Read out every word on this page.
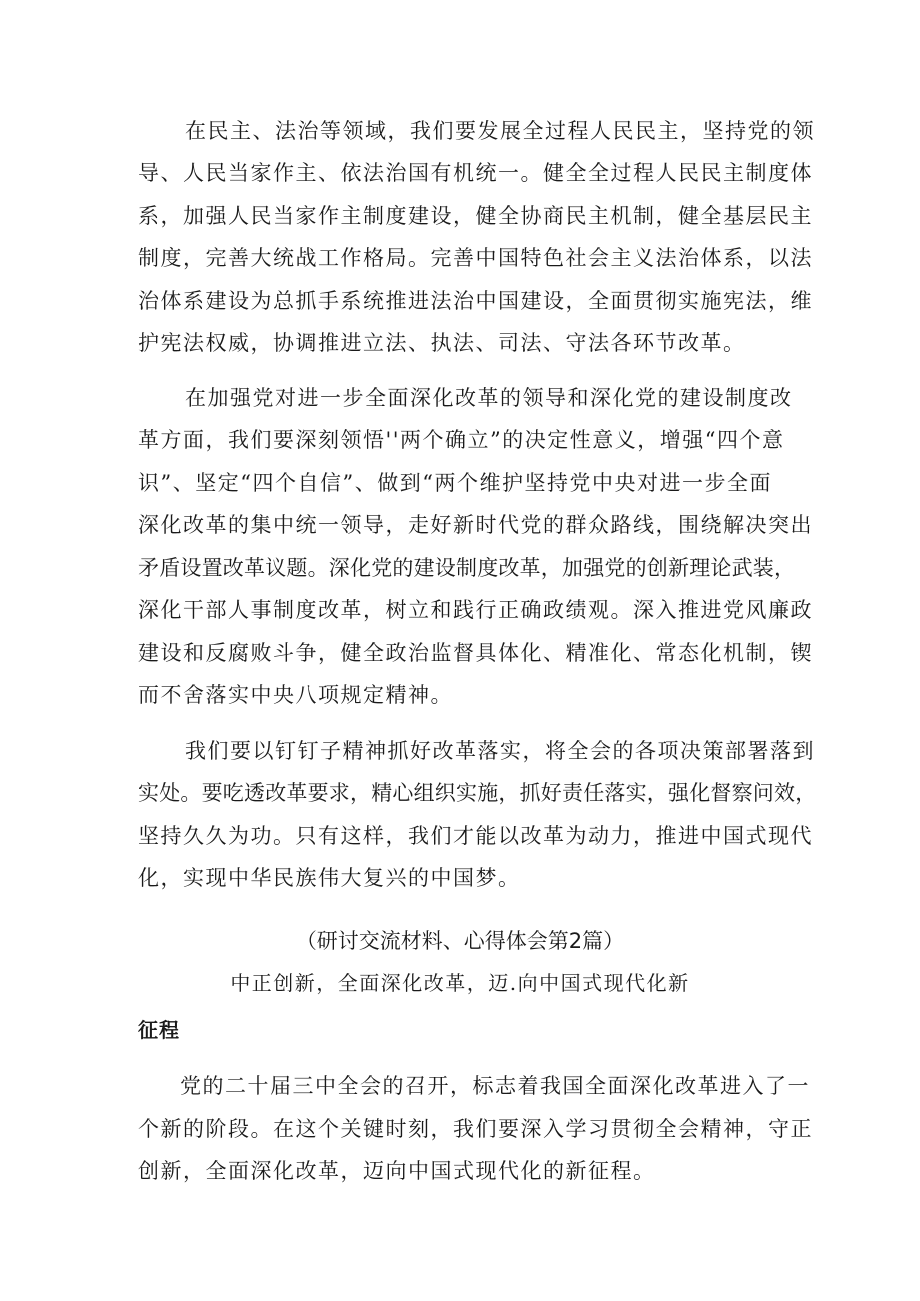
在民主、法治等领域，我们要发展全过程人民民主，坚持党的领
导、人民当家作主、依法治国有机统一。健全全过程人民民主制度体
系，加强人民当家作主制度建设，健全协商民主机制，健全基层民主
制度，完善大统战工作格局。完善中国特色社会主义法治体系，以法
治体系建设为总抓手系统推进法治中国建设，全面贯彻实施宪法，维
护宪法权威，协调推进立法、执法、司法、守法各环节改革。
在加强党对进一步全面深化改革的领导和深化党的建设制度改
革方面，我们要深刻领悟''两个确立”的决定性意义，增强“四个意
识”、坚定“四个自信”、做到“两个维护坚持党中央对进一步全面
深化改革的集中统一领导，走好新时代党的群众路线，围绕解决突出
矛盾设置改革议题。深化党的建设制度改革，加强党的创新理论武装，
深化干部人事制度改革，树立和践行正确政绩观。深入推进党风廉政
建设和反腐败斗争，健全政治监督具体化、精准化、常态化机制，锲
而不舍落实中央八项规定精神。
我们要以钉钉子精神抓好改革落实，将全会的各项决策部署落到
实处。要吃透改革要求，精心组织实施，抓好责任落实，强化督察问效，
坚持久久为功。只有这样，我们才能以改革为动力，推进中国式现代
化，实现中华民族伟大复兴的中国梦。
（研讨交流材料、心得体会第2篇）
中正创新，全面深化改革，迈.向中国式现代化新
征程
党的二十届三中全会的召开，标志着我国全面深化改革进入了一
个新的阶段。在这个关键时刻，我们要深入学习贯彻全会精神，守正
创新，全面深化改革，迈向中国式现代化的新征程。
